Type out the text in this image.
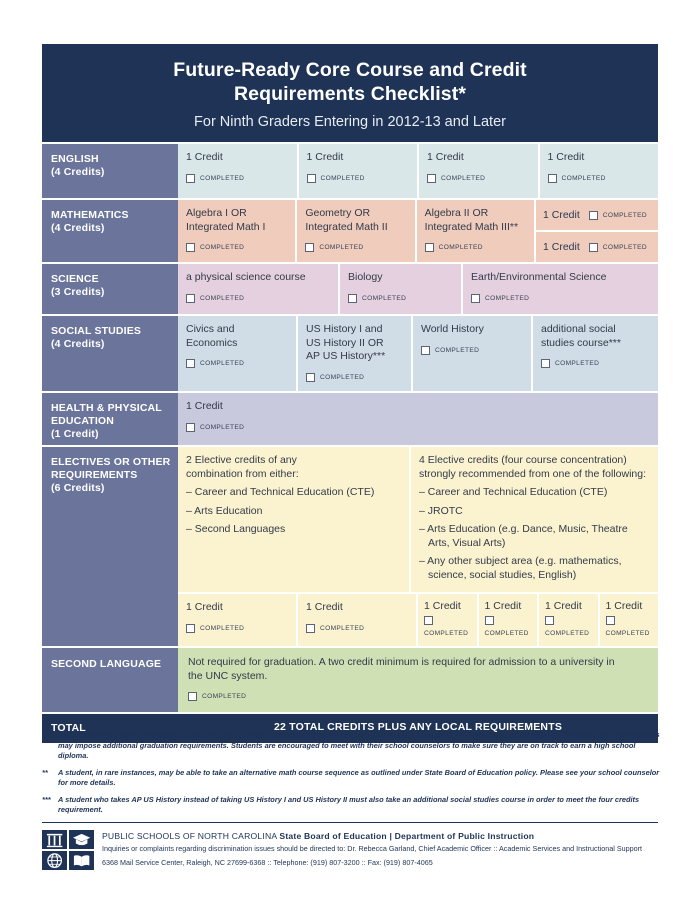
Future-Ready Core Course and Credit
Requirements Checklist*
For Ninth Graders Entering in 2012-13 and Later
ENGLISH
(4 Credits)
1 Credit
COMPLETED
1 Credit
COMPLETED
1 Credit
COMPLETED
1 Credit
COMPLETED
MATHEMATICS
(4 Credits)
Algebra I OR
Integrated Math I
COMPLETED
Geometry OR
Integrated Math II
COMPLETED
Algebra II OR
Integrated Math III**
COMPLETED
1 Credit	COMPLETED
1 Credit	COMPLETED
SCIENCE
(3 Credits)
a physical science course
COMPLETED
Biology
COMPLETED
Earth/Environmental Science
COMPLETED
SOCIAL STUDIES
(4 Credits)
Civics and Economics
COMPLETED
US History I and
US History II OR
AP US History***
COMPLETED
World History
COMPLETED
additional social
studies course***
COMPLETED
HEALTH & PHYSICAL
EDUCATION
(1 Credit)
1 Credit
COMPLETED
ELECTIVES OR OTHER
REQUIREMENTS
(6 Credits)
2 Elective credits of any
combination from either:
– Career and Technical Education (CTE)
– Arts Education
– Second Languages
4 Elective credits (four course concentration)
strongly recommended from one of the following:
– Career and Technical Education (CTE)
– JROTC
– Arts Education (e.g. Dance, Music, Theatre Arts, Visual Arts)
– Any other subject area (e.g. mathematics, science, social studies, English)
1 Credit
COMPLETED
1 Credit
COMPLETED
1 Credit
COMPLETED
1 Credit
COMPLETED
1 Credit
COMPLETED
1 Credit
COMPLETED
SECOND LANGUAGE	Not required for graduation. A two credit minimum is required for admission to a university in
the UNC system.
COMPLETED
TOTAL	22 TOTAL CREDITS PLUS ANY LOCAL REQUIREMENTS
*	State course and credit requirements may be one of several requirements students may need to meet in order to receive a high school diploma. Local districts and schools may impose additional graduation requirements. Students are encouraged to meet with their school counselors to make sure they are on track to earn a high school diploma.
**	A student, in rare instances, may be able to take an alternative math course sequence as outlined under State Board of Education policy. Please see your school counselor for more details.
*** A student who takes AP US History instead of taking US History I and US History II must also take an additional social studies course in order to meet the four credits requirement.
PUBLIC SCHOOLS OF NORTH CAROLINA State Board of Education | Department of Public Instruction
Inquiries or complaints regarding discrimination issues should be directed to: Dr. Rebecca Garland, Chief Academic Officer :: Academic Services and Instructional Support
6368 Mail Service Center, Raleigh, NC 27699-6368 :: Telephone: (919) 807-3200 :: Fax: (919) 807-4065
